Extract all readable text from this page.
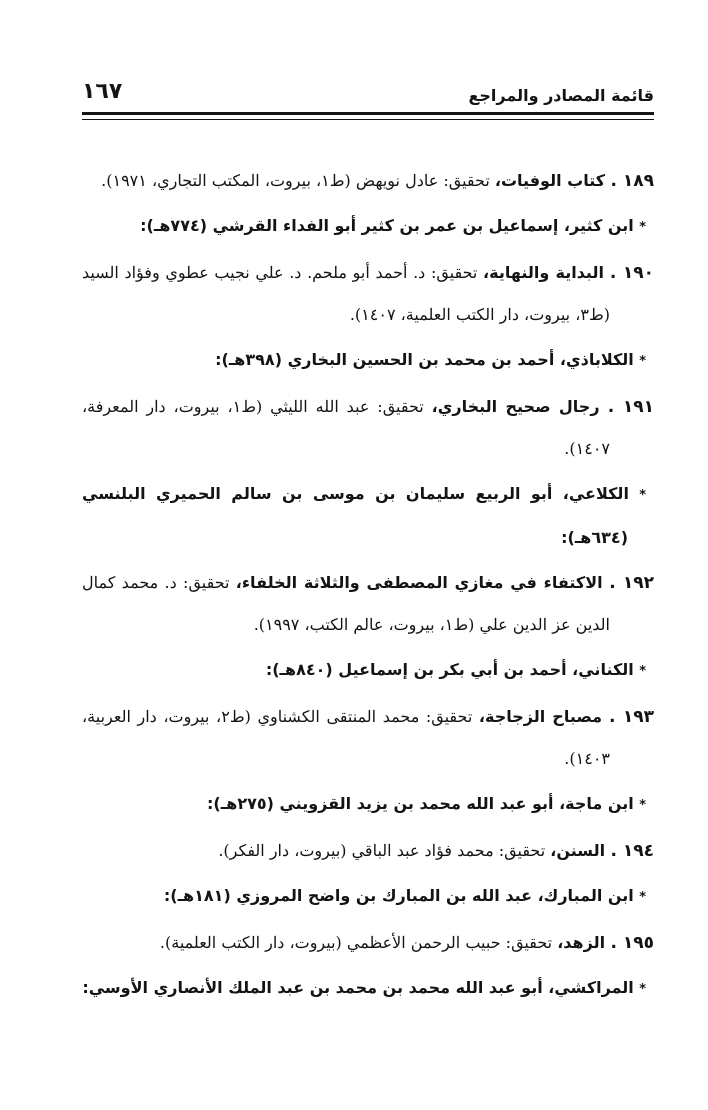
قائمة المصادر والمراجع
١٦٧

١٨٩ . كتاب الوفيات، تحقيق: عادل نويهض (ط١، بيروت، المكتب التجاري، ١٩٧١).

* ابن كثير، إسماعيل بن عمر بن كثير أبو الفداء القرشي (٧٧٤هـ):

١٩٠ . البداية والنهاية، تحقيق: د. أحمد أبو ملحم. د. علي نجيب عطوي وفؤاد السيد (ط٣، بيروت، دار الكتب العلمية، ١٤٠٧).

* الكلاباذي، أحمد بن محمد بن الحسين البخاري (٣٩٨هـ):

١٩١ . رجال صحيح البخاري، تحقيق: عبد الله الليثي (ط١، بيروت، دار المعرفة، ١٤٠٧).

* الكلاعي، أبو الربيع سليمان بن موسى بن سالم الحميري البلنسي (٦٣٤هـ):

١٩٢ . الاكتفاء في مغازي المصطفى والثلاثة الخلفاء، تحقيق: د. محمد كمال الدين عز الدين علي (ط١، بيروت، عالم الكتب، ١٩٩٧).

* الكناني، أحمد بن أبي بكر بن إسماعيل (٨٤٠هـ):

١٩٣ . مصباح الزجاجة، تحقيق: محمد المنتقى الكشناوي (ط٢، بيروت، دار العربية، ١٤٠٣).

* ابن ماجة، أبو عبد الله محمد بن يزيد القزويني (٢٧٥هـ):

١٩٤ . السنن، تحقيق: محمد فؤاد عبد الباقي (بيروت، دار الفكر).

* ابن المبارك، عبد الله بن المبارك بن واضح المروزي (١٨١هـ):

١٩٥ . الزهد، تحقيق: حبيب الرحمن الأعظمي (بيروت، دار الكتب العلمية).

* المراكشي، أبو عبد الله محمد بن محمد بن عبد الملك الأنصاري الأوسي:
